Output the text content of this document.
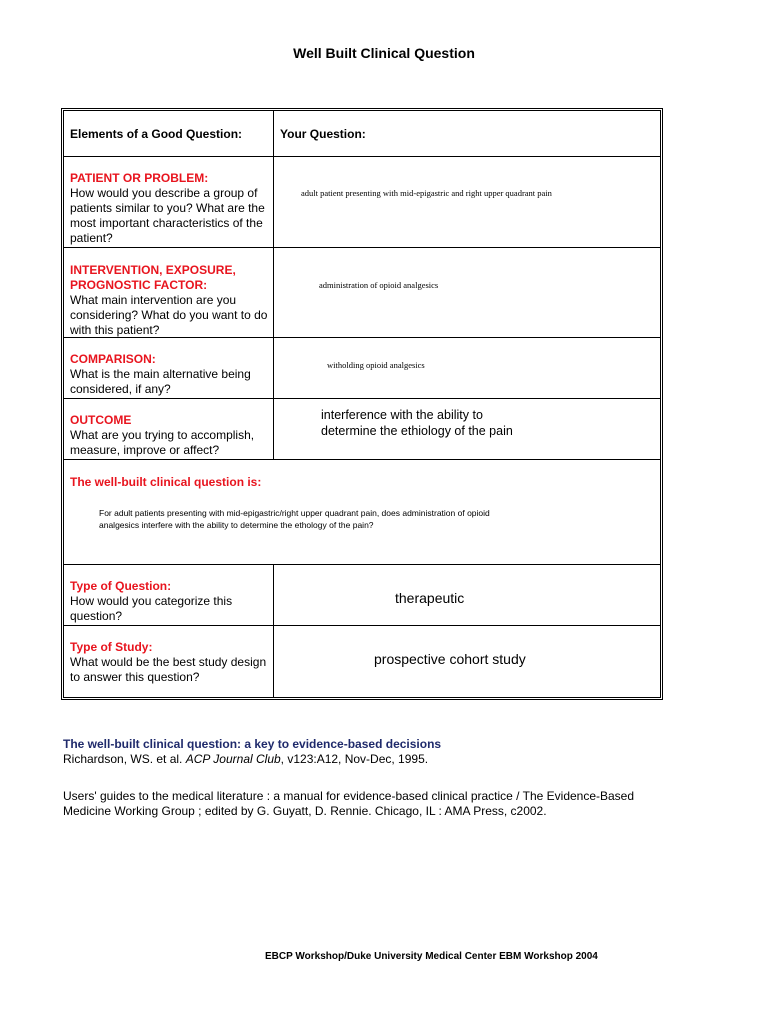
Well Built Clinical Question
Elements of a Good Question:	Your Question:
PATIENT OR PROBLEM:
How would you describe a group of patients similar to you? What are the most important characteristics of the patient?
adult patient presenting with mid-epigastric and right upper quadrant pain
INTERVENTION, EXPOSURE, PROGNOSTIC FACTOR:
What main intervention are you considering? What do you want to do with this patient?
administration of opioid analgesics
COMPARISON:
What is the main alternative being considered, if any?
witholding opioid analgesics
OUTCOME
What are you trying to accomplish, measure, improve or affect?
interference with the ability to determine the ethiology of the pain
The well-built clinical question is:
For adult patients presenting with mid-epigastric/right upper quadrant pain, does administration of opioid analgesics interfere with the ability to determine the ethology of the pain?
Type of Question:
How would you categorize this question?
therapeutic
Type of Study:
What would be the best study design to answer this question?
prospective cohort study
The well-built clinical question: a key to evidence-based decisions
Richardson, WS. et al. ACP Journal Club, v123:A12, Nov-Dec, 1995.
Users' guides to the medical literature : a manual for evidence-based clinical practice / The Evidence-Based Medicine Working Group ; edited by G. Guyatt, D. Rennie. Chicago, IL : AMA Press, c2002.
EBCP Workshop/Duke University Medical Center EBM Workshop 2004
